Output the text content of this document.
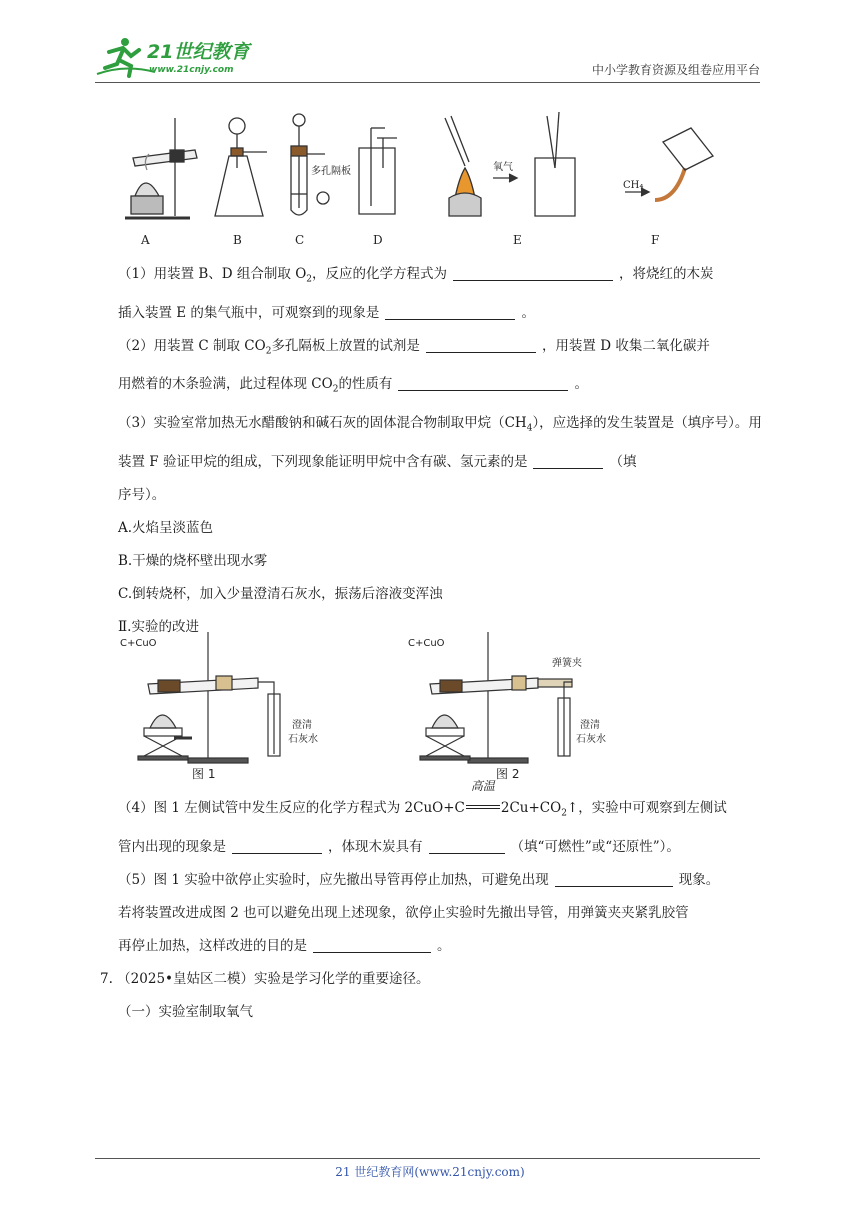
21世纪教育
www.21cnjy.com	中小学教育资源及组卷应用平台
A	B	C	D	E	F
多孔隔板	氧气
CH₄

（1）用装置 B、D 组合制取 $O_2$，反应的化学方程式为	，将烧红的木炭

插入装置 E 的集气瓶中，可观察到的现象是	。

（2）用装置 C 制取 $CO_2$多孔隔板上放置的试剂是	，用装置 D 收集二氧化碳并

用燃着的木条验满，此过程体现 $CO_2$的性质有	。

（3）实验室常加热无水醋酸钠和碱石灰的固体混合物制取甲烷$(CH_4)$，应选择的发生装置是（填序号）。用装置 F 验证甲烷的组成，下列现象能证明甲烷中含有碳、氢元素的是	（填
序号）。

A.火焰呈淡蓝色

B.干燥的烧杯壁出现水雾

C.倒转烧杯，加入少量澄清石灰水，振荡后溶液变浑浊

Ⅱ.实验的改进

C+CuO
澄清
石灰水
图 1
C+CuO
弹簧夹
澄清
石灰水
图 2

（4）图 1 左侧试管中发生反应的化学方程式为 2CuO+C
高温
$2Cu+CO_2↑$，实验中可观察到左侧试

管内出现的现象是	，体现木炭具有	（填“可燃性”或“还原性”）。

（5）图 1 实验中欲停止实验时，应先撤出导管再停止加热，可避免出现	现象。

若将装置改进成图 2 也可以避免出现上述现象，欲停止实验时先撤出导管，用弹簧夹夹紧乳胶管

再停止加热，这样改进的目的是	。

7. （2025•皇姑区二模）实验是学习化学的重要途径。

（一）实验室制取氧气

21 世纪教育网(www.21cnjy.com)
